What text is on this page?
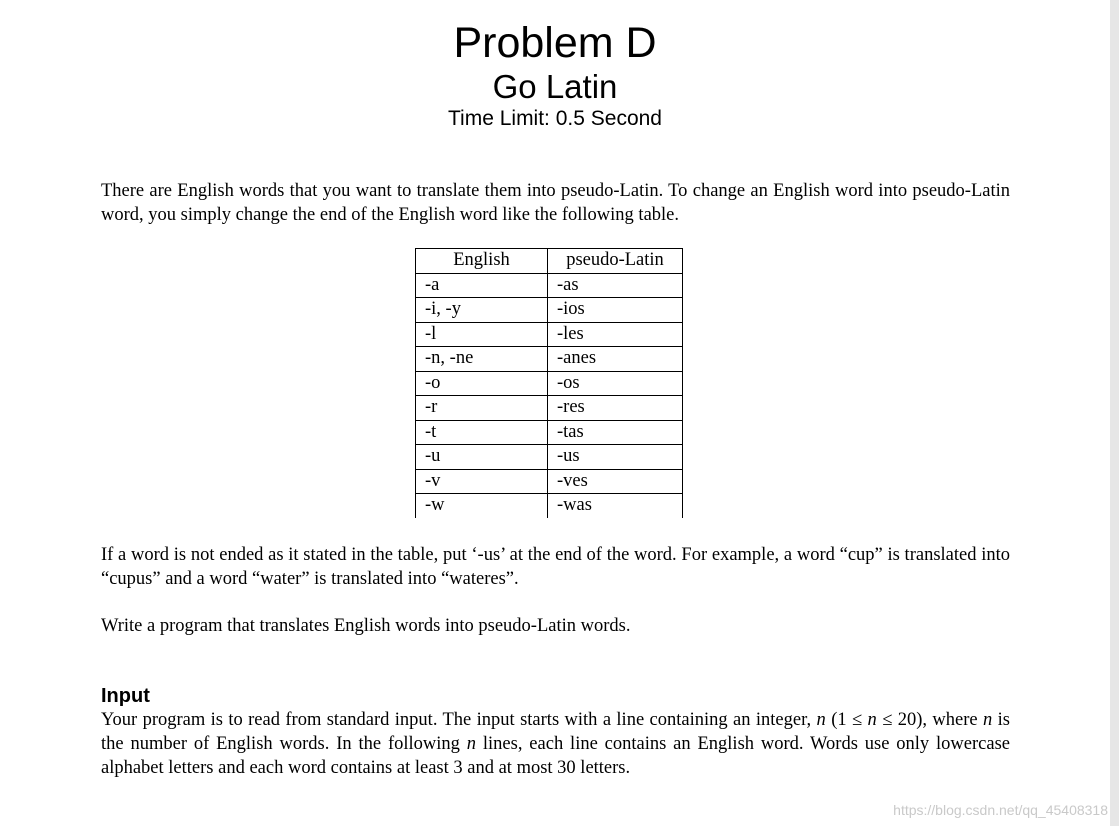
Problem D
Go Latin
Time Limit: 0.5 Second

There are English words that you want to translate them into pseudo-Latin. To change an English word into pseudo-Latin word, you simply change the end of the English word like the following table.

English	pseudo-Latin
-a	-as
-i, -y	-ios
-l	-les
-n, -ne	-anes
-o	-os
-r	-res
-t	-tas
-u	-us
-v	-ves
-w	-was

If a word is not ended as it stated in the table, put ‘-us’ at the end of the word. For example, a word “cup” is translated into “cupus” and a word “water” is translated into “wateres”.

Write a program that translates English words into pseudo-Latin words.

Input

Your program is to read from standard input. The input starts with a line containing an integer, n (1 ≤ n ≤ 20), where n is the number of English words. In the following n lines, each line contains an English word. Words use only lowercase alphabet letters and each word contains at least 3 and at most 30 letters.

https://blog.csdn.net/qq_45408318
